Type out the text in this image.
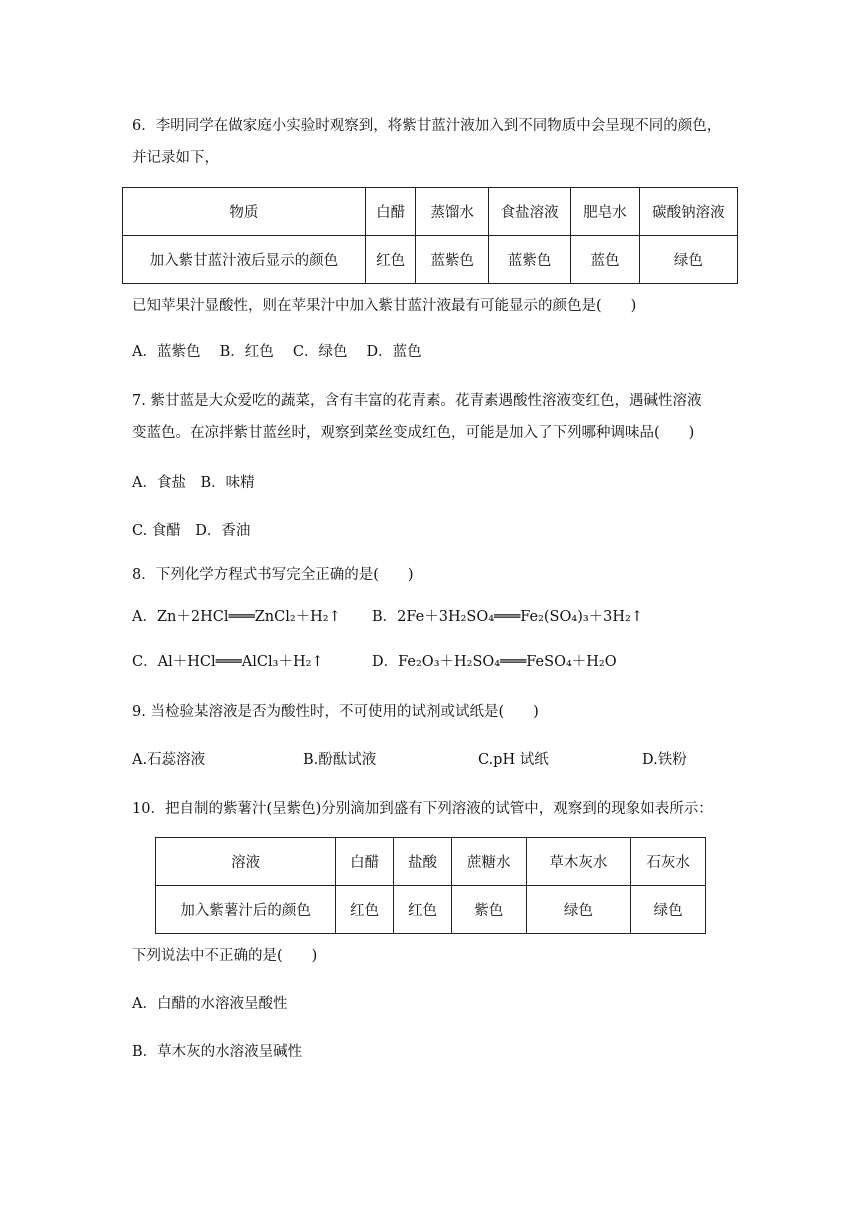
6．李明同学在做家庭小实验时观察到，将紫甘蓝汁液加入到不同物质中会呈现不同的颜色，
并记录如下，
物质	白醋	蒸馏水	食盐溶液	肥皂水	碳酸钠溶液
加入紫甘蓝汁液后显示的颜色	红色	蓝紫色	蓝紫色	蓝色	绿色
已知苹果汁显酸性，则在苹果汁中加入紫甘蓝汁液最有可能显示的颜色是(　　)
A．蓝紫色　 B．红色　 C．绿色　 D．蓝色
7. 紫甘蓝是大众爱吃的蔬菜，含有丰富的花青素。花青素遇酸性溶液变红色，遇碱性溶液
变蓝色。在凉拌紫甘蓝丝时，观察到菜丝变成红色，可能是加入了下列哪种调味品(　　)
A．食盐　B．味精
C. 食醋　D．香油
8．下列化学方程式书写完全正确的是(　　)
A．Zn＋2HCl═══ZnCl₂＋H₂↑ B．2Fe＋3H₂SO₄═══Fe₂(SO₄)₃＋3H₂↑
C．Al＋HCl═══AlCl₃＋H₂↑	D．Fe₂O₃＋H₂SO₄═══FeSO₄＋H₂O
9. 当检验某溶液是否为酸性时，不可使用的试剂或试纸是(　　)
A.石蕊溶液	B.酚酞试液	C.pH 试纸	D.铁粉
10．把自制的紫薯汁(呈紫色)分别滴加到盛有下列溶液的试管中，观察到的现象如表所示：
溶液	白醋	盐酸	蔗糖水	草木灰水	石灰水
加入紫薯汁后的颜色	红色	红色	紫色	绿色	绿色
下列说法中不正确的是(　　)
A．白醋的水溶液呈酸性
B．草木灰的水溶液呈碱性
